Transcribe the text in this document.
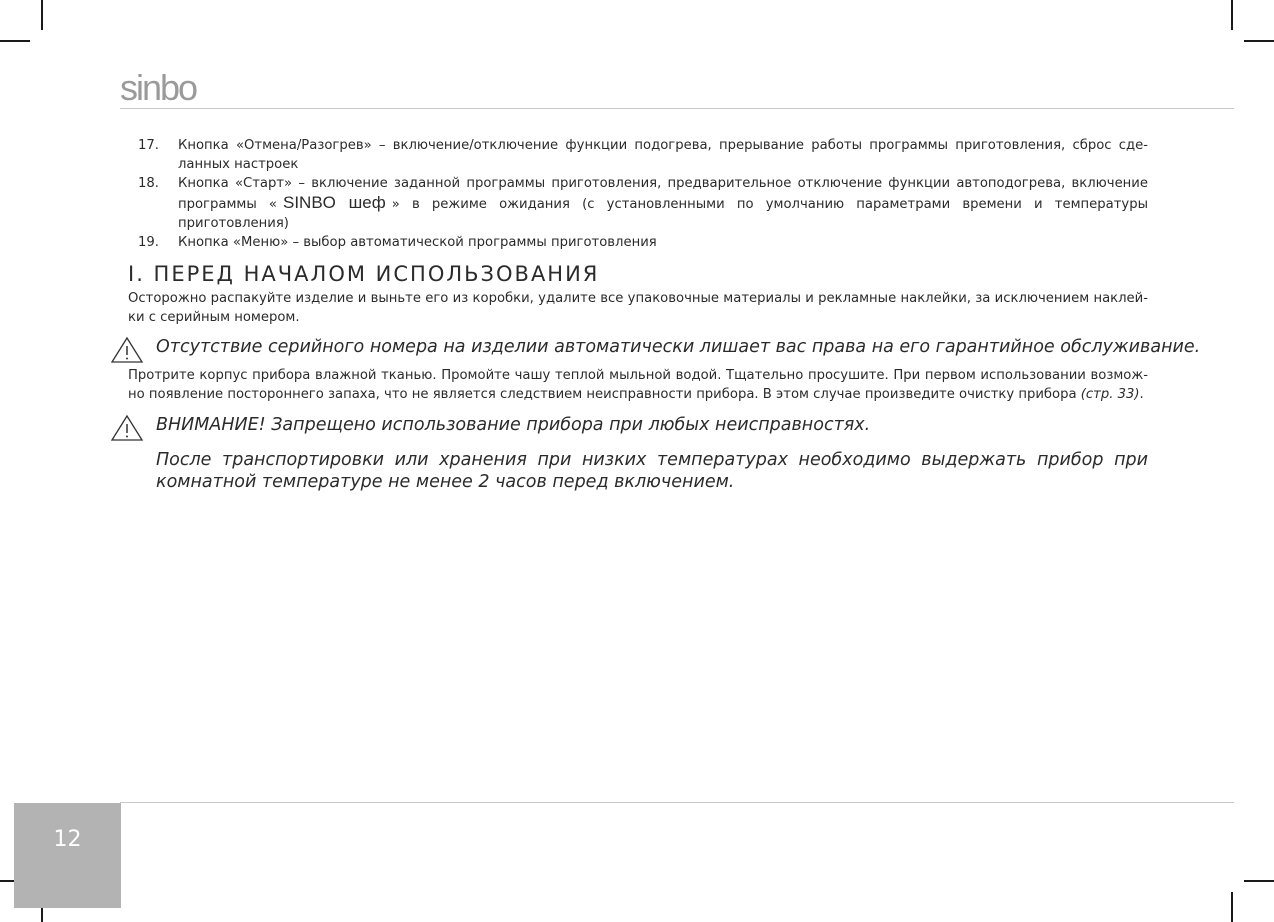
sinbo
17.	Кнопка «Отмена/Разогрев» – включение/отключение функции подогрева, прерывание работы программы приготовления, сброс сде-ланных настроек
18.	Кнопка «Старт» – включение заданной программы приготовления, предварительное отключение функции автоподогрева, включение программы « SINBO шеф » в режиме ожидания (с установленными по умолчанию параметрами времени и температуры приготовления)
19.	Кнопка «Меню» – выбор автоматической программы приготовления
I. ПЕРЕД НАЧАЛОМ ИСПОЛЬЗОВАНИЯ
Осторожно распакуйте изделие и выньте его из коробки, удалите все упаковочные материалы и рекламные наклейки, за исключением наклей-ки с серийным номером.
Отсутствие серийного номера на изделии автоматически лишает вас права на его гарантийное обслуживание.
Протрите корпус прибора влажной тканью. Промойте чашу теплой мыльной водой. Тщательно просушите. При первом использовании возмож-но появление постороннего запаха, что не является следствием неисправности прибора. В этом случае произведите очистку прибора (стр. 33).
ВНИМАНИЕ! Запрещено использование прибора при любых неисправностях.
После транспортировки или хранения при низких температурах необходимо выдержать прибор при комнатной температуре не менее 2 часов перед включением.
12
